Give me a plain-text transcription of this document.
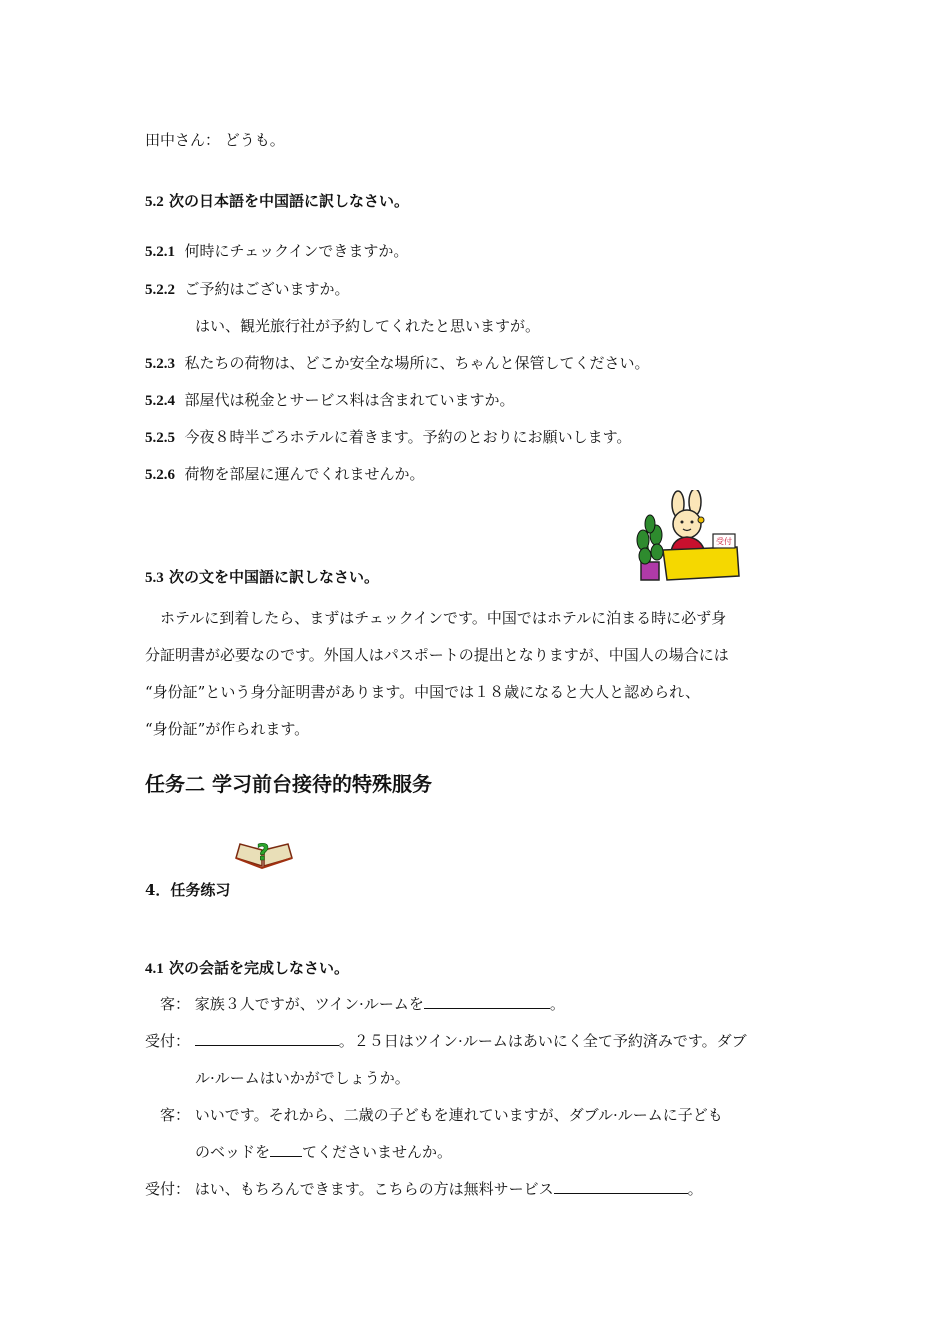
田中さん： どうも。
5.2 次の日本語を中国語に訳しなさい。
5.2.1 何時にチェックインできますか。
5.2.2 ご予約はございますか。
はい、観光旅行社が予約してくれたと思いますが。
5.2.3 私たちの荷物は、どこか安全な場所に、ちゃんと保管してください。
5.2.4 部屋代は税金とサービス料は含まれていますか。
5.2.5 今夜８時半ごろホテルに着きます。予約のとおりにお願いします。
5.2.6 荷物を部屋に運んでくれませんか。
受付
5.3 次の文を中国語に訳しなさい。
　ホテルに到着したら、まずはチェックインです。中国ではホテルに泊まる時に必ず身
分証明書が必要なのです。外国人はパスポートの提出となりますが、中国人の場合には
“身份証”という身分証明書があります。中国では１８歳になると大人と認められ、
“身份証”が作られます。
任务二 学习前台接待的特殊服务
?
4．任务练习
4.1 次の会話を完成しなさい。
客： 家族３人ですが、ツイン·ルームを	。
受付：	。２５日はツイン·ルームはあいにく全て予約済みです。ダブ
ル·ルームはいかがでしょうか。
客： いいです。それから、二歳の子どもを連れていますが、ダブル·ルームに子ども
のベッドを てくださいませんか。
受付： はい、もちろんできます。こちらの方は無料サービス	。
